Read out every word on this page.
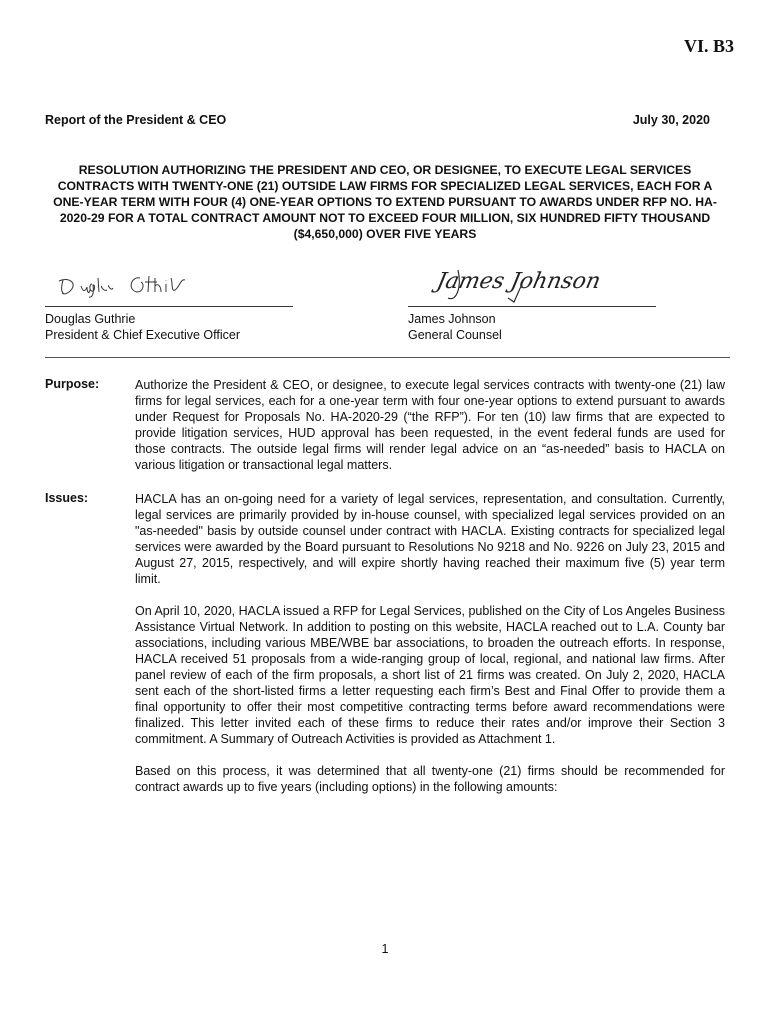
VI. B3
Report of the President & CEO	July 30, 2020
RESOLUTION AUTHORIZING THE PRESIDENT AND CEO, OR DESIGNEE, TO EXECUTE LEGAL SERVICES CONTRACTS WITH TWENTY-ONE (21) OUTSIDE LAW FIRMS FOR SPECIALIZED LEGAL SERVICES, EACH FOR A ONE-YEAR TERM WITH FOUR (4) ONE-YEAR OPTIONS TO EXTEND PURSUANT TO AWARDS UNDER RFP NO. HA-2020-29 FOR A TOTAL CONTRACT AMOUNT NOT TO EXCEED FOUR MILLION, SIX HUNDRED FIFTY THOUSAND ($4,650,000) OVER FIVE YEARS
Douglas Guthrie
President & Chief Executive Officer
James Johnson
James Johnson
General Counsel
Purpose:	Authorize the President & CEO, or designee, to execute legal services contracts with twenty-one (21) law firms for legal services, each for a one-year term with four one-year options to extend pursuant to awards under Request for Proposals No. HA-2020-29 (“the RFP”). For ten (10) law firms that are expected to provide litigation services, HUD approval has been requested, in the event federal funds are used for those contracts. The outside legal firms will render legal advice on an “as-needed” basis to HACLA on various litigation or transactional legal matters.

Issues:	HACLA has an on-going need for a variety of legal services, representation, and consultation. Currently, legal services are primarily provided by in-house counsel, with specialized legal services provided on an "as-needed" basis by outside counsel under contract with HACLA. Existing contracts for specialized legal services were awarded by the Board pursuant to Resolutions No 9218 and No. 9226 on July 23, 2015 and August 27, 2015, respectively, and will expire shortly having reached their maximum five (5) year term limit.

On April 10, 2020, HACLA issued a RFP for Legal Services, published on the City of Los Angeles Business Assistance Virtual Network. In addition to posting on this website, HACLA reached out to L.A. County bar associations, including various MBE/WBE bar associations, to broaden the outreach efforts. In response, HACLA received 51 proposals from a wide-ranging group of local, regional, and national law firms. After panel review of each of the firm proposals, a short list of 21 firms was created. On July 2, 2020, HACLA sent each of the short-listed firms a letter requesting each firm’s Best and Final Offer to provide them a final opportunity to offer their most competitive contracting terms before award recommendations were finalized. This letter invited each of these firms to reduce their rates and/or improve their Section 3 commitment. A Summary of Outreach Activities is provided as Attachment 1.

Based on this process, it was determined that all twenty-one (21) firms should be recommended for contract awards up to five years (including options) in the following amounts:

1
